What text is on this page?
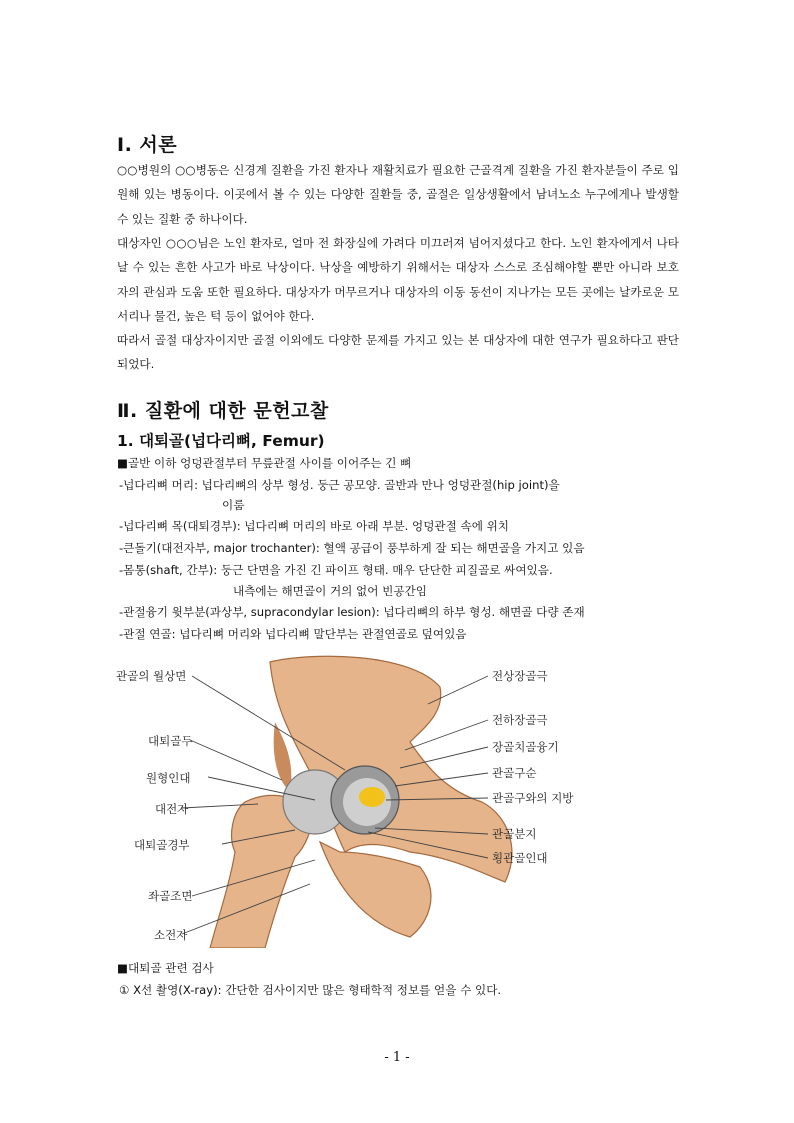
Ⅰ. 서론

○○병원의 ○○병동은 신경계 질환을 가진 환자나 재활치료가 필요한 근골격계 질환을 가진 환자분들이 주로 입원해 있는 병동이다. 이곳에서 볼 수 있는 다양한 질환들 중, 골절은 일상생활에서 남녀노소 누구에게나 발생할 수 있는 질환 중 하나이다.

대상자인 ○○○님은 노인 환자로, 얼마 전 화장실에 가려다 미끄러져 넘어지셨다고 한다. 노인 환자에게서 나타날 수 있는 흔한 사고가 바로 낙상이다. 낙상을 예방하기 위해서는 대상자 스스로 조심해야할 뿐만 아니라 보호자의 관심과 도움 또한 필요하다. 대상자가 머무르거나 대상자의 이동 동선이 지나가는 모든 곳에는 날카로운 모서리나 물건, 높은 턱 등이 없어야 한다.

따라서 골절 대상자이지만 골절 이외에도 다양한 문제를 가지고 있는 본 대상자에 대한 연구가 필요하다고 판단되었다.

Ⅱ. 질환에 대한 문헌고찰
1. 대퇴골(넙다리뼈, Femur)
■골반 이하 엉덩관절부터 무릎관절 사이를 이어주는 긴 뼈
-넙다리뼈 머리: 넙다리뼈의 상부 형성. 둥근 공모양. 골반과 만나 엉덩관절(hip joint)을
이룸
-넙다리뼈 목(대퇴경부): 넙다리뼈 머리의 바로 아래 부분. 엉덩관절 속에 위치
-큰돌기(대전자부, major trochanter): 혈액 공급이 풍부하게 잘 되는 해면골을 가지고 있음
-몸통(shaft, 간부): 둥근 단면을 가진 긴 파이프 형태. 매우 단단한 피질골로 싸여있음.
내측에는 해면골이 거의 없어 빈공간임
-관절융기 윗부분(과상부, supracondylar lesion): 넙다리뼈의 하부 형성. 해면골 다량 존재
-관절 연골: 넙다리뼈 머리와 넙다리뼈 말단부는 관절연골로 덮여있음
관골의 월상면
대퇴골두
원형인대
대전자
대퇴골경부
좌골조면
소전자
전상장골극
전하장골극
장골치골융기
관골구순
관골구와의 지방
관골분지
횡관골인대
■대퇴골 관련 검사
① X선 촬영(X-ray): 간단한 검사이지만 많은 형태학적 정보를 얻을 수 있다.
- 1 -
